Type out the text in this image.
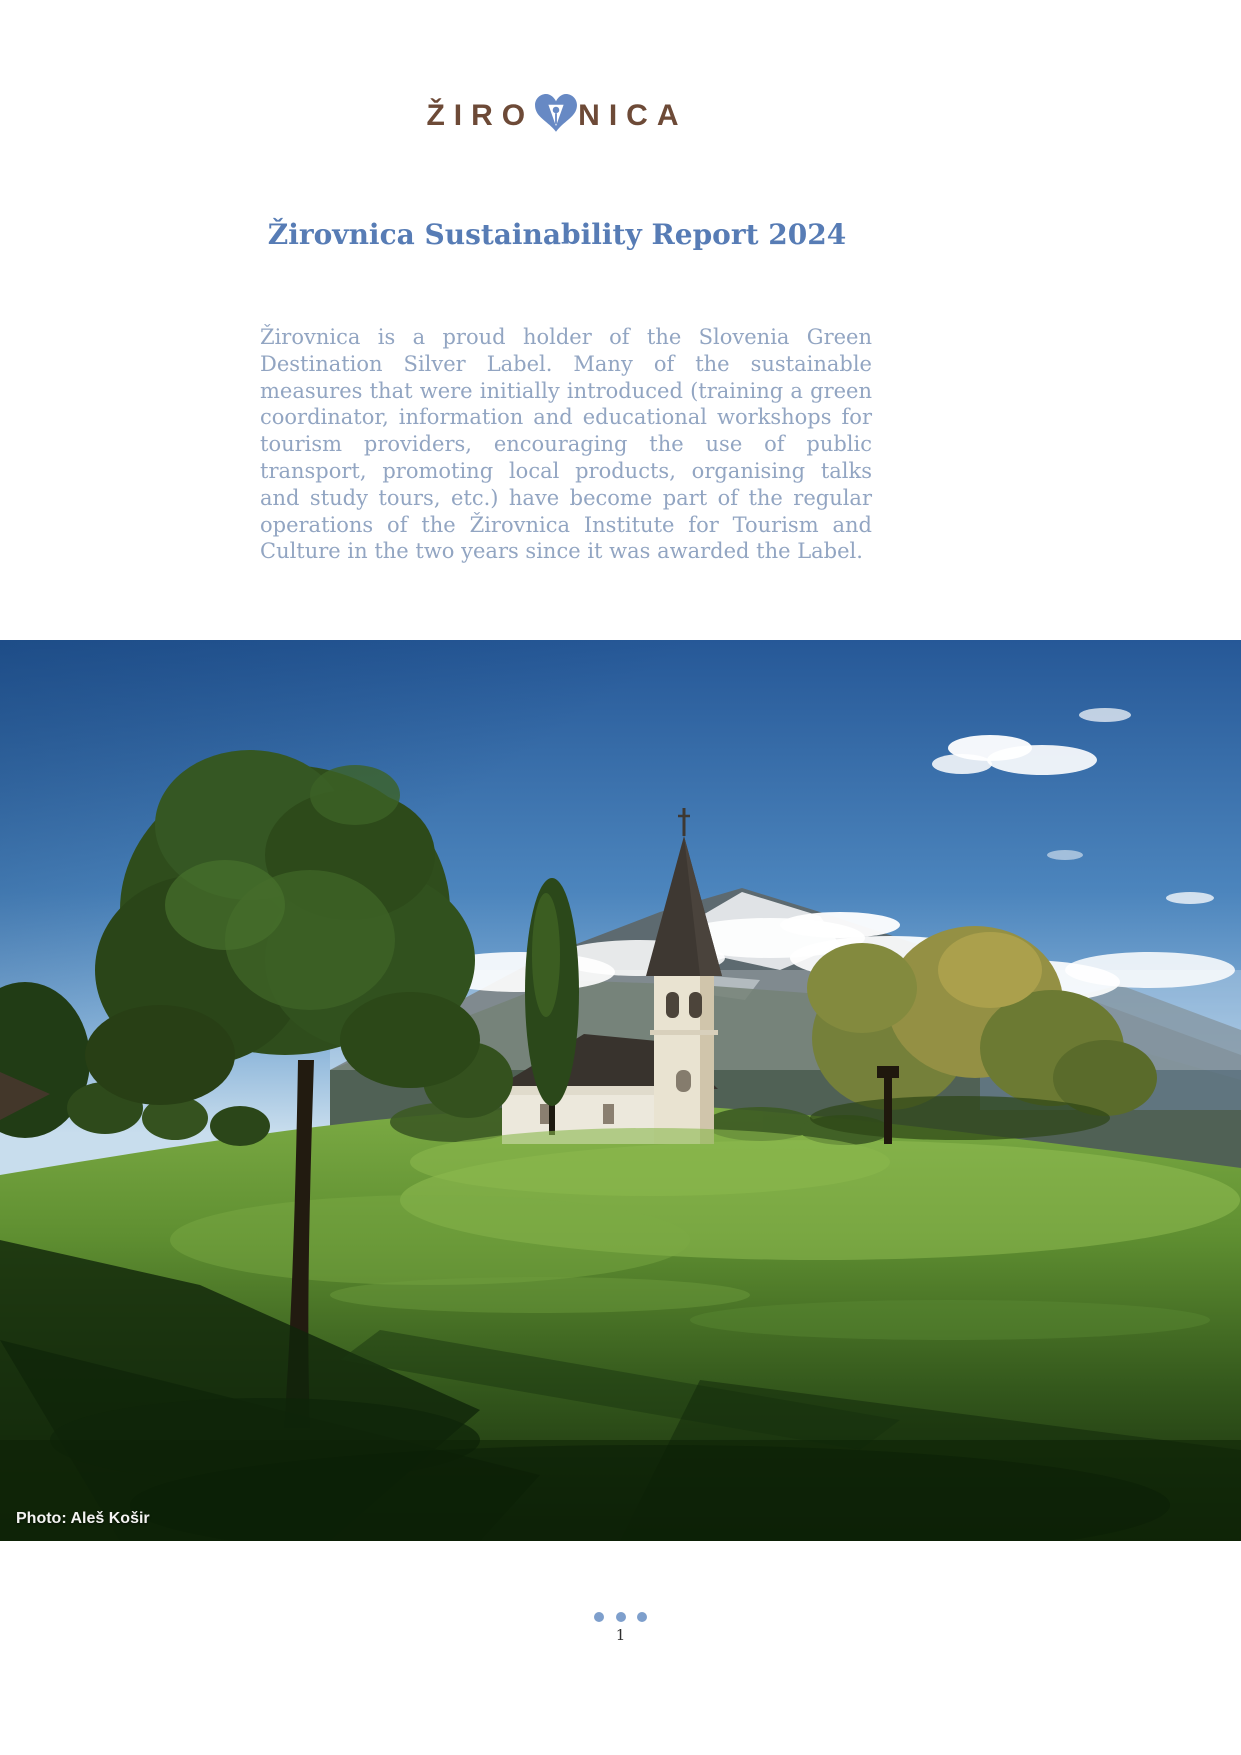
ŽIRO NICA
Žirovnica Sustainability Report 2024

Žirovnica is a proud holder of the Slovenia Green Destination Silver Label. Many of the sustainable measures that were initially introduced (training a green coordinator, information and educational workshops for tourism providers, encouraging the use of public transport, promoting local products, organising talks and study tours, etc.) have become part of the regular operations of the Žirovnica Institute for Tourism and Culture in the two years since it was awarded the Label.

Photo: Aleš Košir

1
